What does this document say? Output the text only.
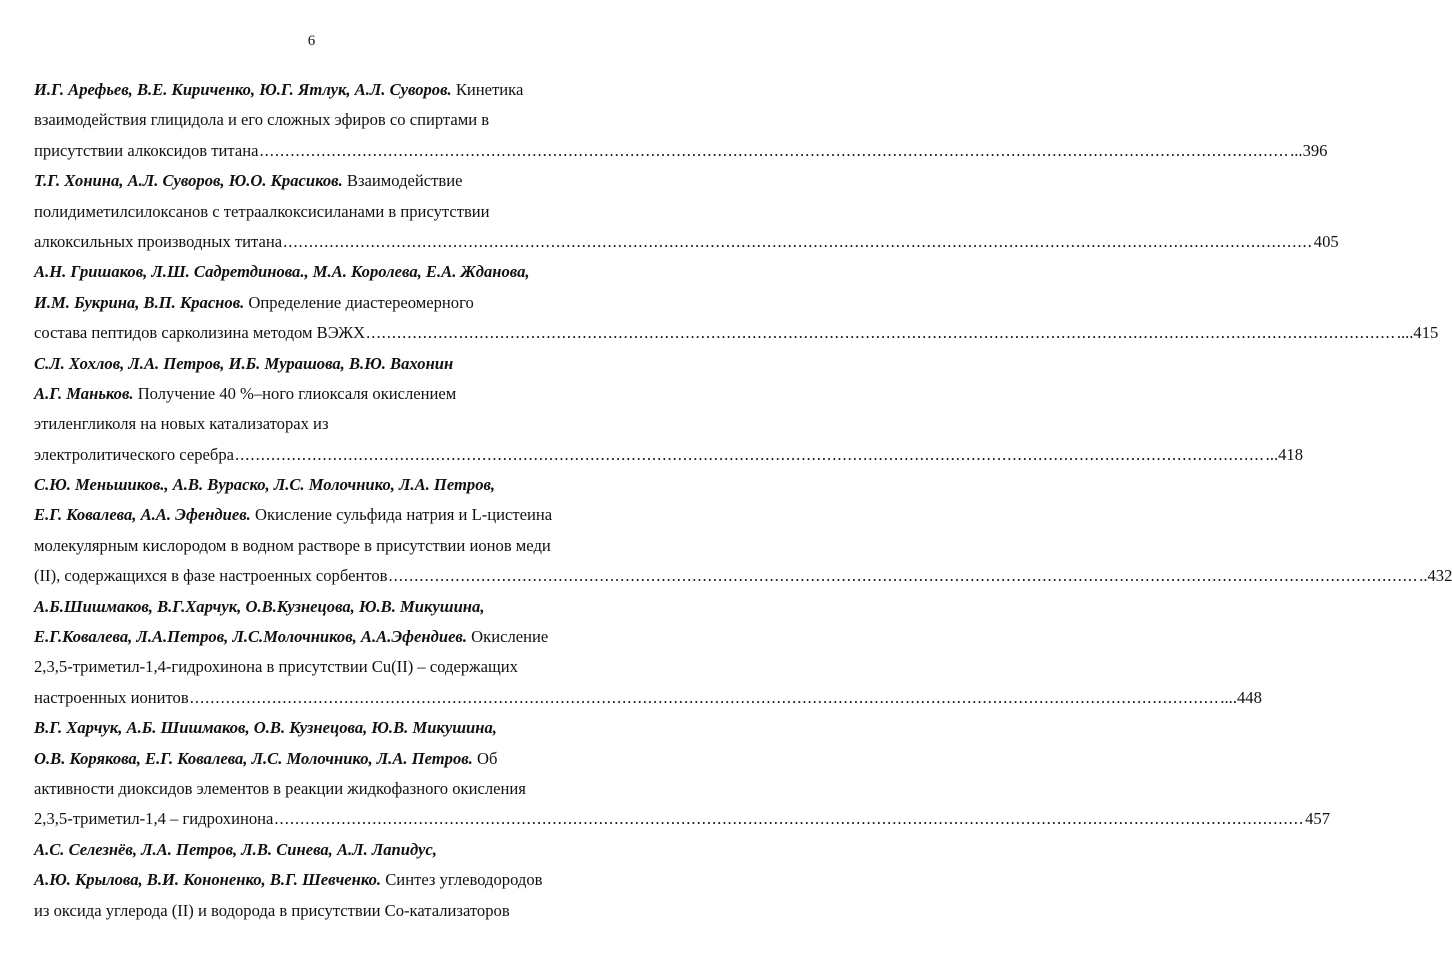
6
И.Г. Арефьев, В.Е. Кириченко, Ю.Г. Ятлук, А.Л. Суворов. Кинетика
взаимодействия глицидола и его сложных эфиров со спиртами в
присутствии алкоксидов титана ........................................................................................................................................................................................................ ...396
Т.Г. Хонина, А.Л. Суворов, Ю.О. Красиков. Взаимодействие
полидиметилсилоксанов с тетраалкоксисиланами в присутствии
алкоксильных производных титана ........................................................................................................................................................................................................ 405
А.Н. Гришаков, Л.Ш. Садретдинова., М.А. Королева, Е.А. Жданова,
И.М. Букрина, В.П. Краснов. Определение диастереомерного
состава пептидов сарколизина методом ВЭЖХ ........................................................................................................................................................................................................ ....415
С.Л. Хохлов, Л.А. Петров, И.Б. Мурашова, В.Ю. Вахонин
А.Г. Маньков. Получение 40 %–ного глиоксаля окислением
этиленгликоля на новых катализаторах из
электролитического серебра ........................................................................................................................................................................................................ ...418
С.Ю. Меньшиков., А.В. Вураско, Л.С. Молочнико, Л.А. Петров,
Е.Г. Ковалева, А.А. Эфендиев. Окисление сульфида натрия и L-цистеина
молекулярным кислородом в водном растворе в присутствии ионов меди
(II), содержащихся в фазе настроенных сорбентов ........................................................................................................................................................................................................ ..432
А.Б.Шишмаков, В.Г.Харчук, О.В.Кузнецова, Ю.В. Микушина,
Е.Г.Ковалева, Л.А.Петров, Л.С.Молочников, А.А.Эфендиев. Окисление
2,3,5-триметил-1,4-гидрохинона в присутствии Cu(II) – содержащих
настроенных ионитов ........................................................................................................................................................................................................ ....448
В.Г. Харчук, А.Б. Шишмаков, О.В. Кузнецова, Ю.В. Микушина,
О.В. Корякова, Е.Г. Ковалева, Л.С. Молочнико, Л.А. Петров. Об
активности диоксидов элементов в реакции жидкофазного окисления
2,3,5-триметил-1,4 – гидрохинона ........................................................................................................................................................................................................ 457
А.С. Селезнёв, Л.А. Петров, Л.В. Синева, А.Л. Лапидус,
А.Ю. Крылова, В.И. Кононенко, В.Г. Шевченко. Синтез углеводородов
из оксида углерода (II) и водорода в присутствии Со-катализаторов
